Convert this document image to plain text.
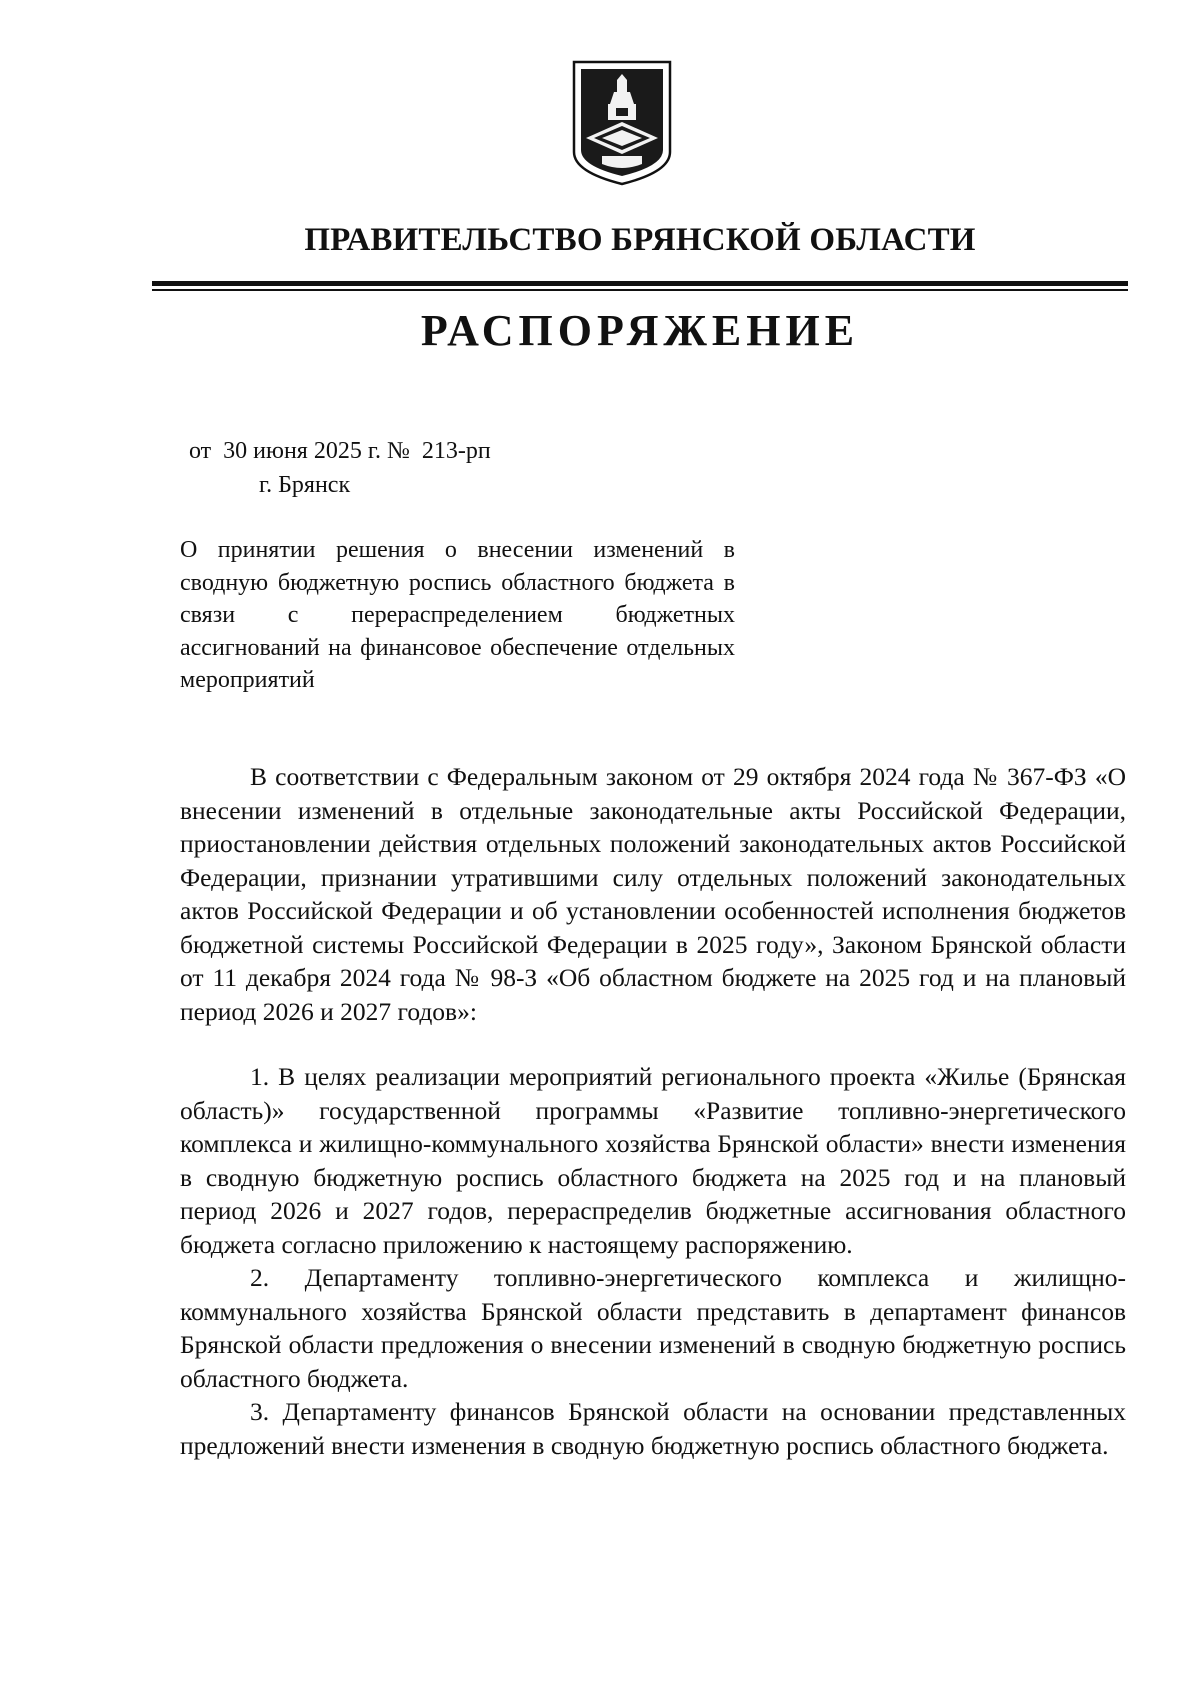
ПРАВИТЕЛЬСТВО БРЯНСКОЙ ОБЛАСТИ
РАСПОРЯЖЕНИЕ
от  30 июня 2025 г. №  213-рп
г. Брянск

О принятии решения о внесении изменений в сводную бюджетную роспись областного бюджета в связи с перераспределением бюджетных ассигнований на финансовое обеспечение отдельных мероприятий

В соответствии с Федеральным законом от 29 октября 2024 года № 367-ФЗ «О внесении изменений в отдельные законодательные акты Российской Федерации, приостановлении действия отдельных положений законодательных актов Российской Федерации, признании утратившими силу отдельных положений законодательных актов Российской Федерации и об установлении особенностей исполнения бюджетов бюджетной системы Российской Федерации в 2025 году», Законом Брянской области от 11 декабря 2024 года № 98-З «Об областном бюджете на 2025 год и на плановый период 2026 и 2027 годов»:

1. В целях реализации мероприятий регионального проекта «Жилье (Брянская область)» государственной программы «Развитие топливно-энергетического комплекса и жилищно-коммунального хозяйства Брянской области» внести изменения в сводную бюджетную роспись областного бюджета на 2025 год и на плановый период 2026 и 2027 годов, перераспределив бюджетные ассигнования областного бюджета согласно приложению к настоящему распоряжению.

2. Департаменту топливно-энергетического комплекса и жилищно-коммунального хозяйства Брянской области представить в департамент финансов Брянской области предложения о внесении изменений в сводную бюджетную роспись областного бюджета.

3. Департаменту финансов Брянской области на основании представленных предложений внести изменения в сводную бюджетную роспись областного бюджета.
